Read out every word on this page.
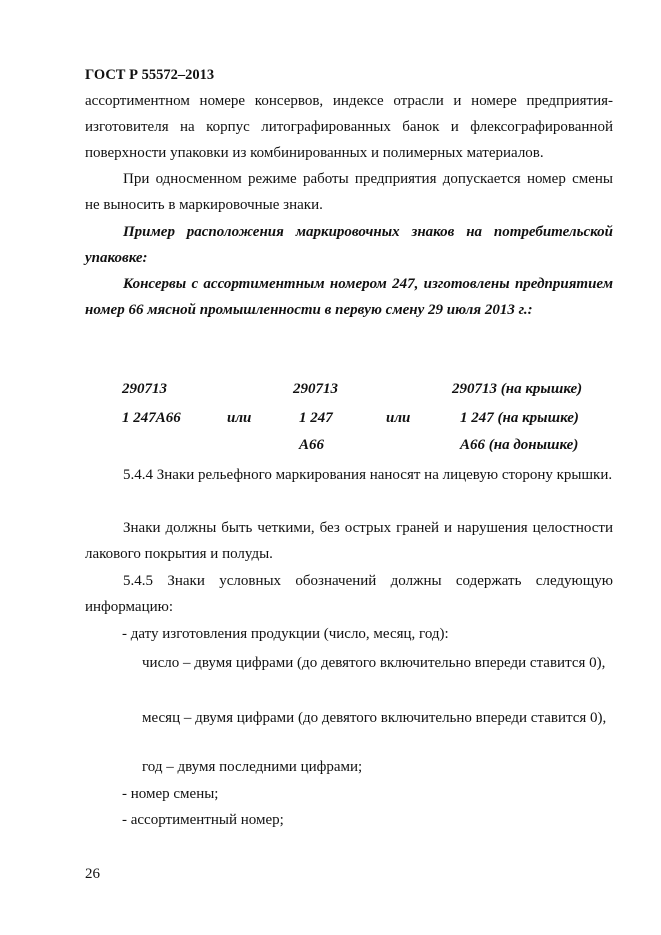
ГОСТ Р 55572–2013
ассортиментном номере консервов, индексе отрасли и номере предприятия-изготовителя на корпус литографированных банок и флексографированной поверхности упаковки из комбинированных и полимерных материалов.
При односменном режиме работы предприятия допускается номер смены не выносить в маркировочные знаки.
Пример расположения маркировочных знаков на потребительской упаковке:
Консервы с ассортиментным номером 247, изготовлены предприятием номер 66 мясной промышленности в первую смену 29 июля 2013 г.:
290713
1 247А66	или
290713
1 247
А66
или
290713 (на крышке)
1 247 (на крышке)
А66 (на донышке)
5.4.4 Знаки рельефного маркирования наносят на лицевую сторону крышки.
Знаки должны быть четкими, без острых граней и нарушения целостности лакового покрытия и полуды.
5.4.5 Знаки условных обозначений должны содержать следующую информацию:
- дату изготовления продукции (число, месяц, год):
число – двумя цифрами (до девятого включительно впереди ставится 0),
месяц – двумя цифрами (до девятого включительно впереди ставится 0),
год – двумя последними цифрами;
- номер смены;
- ассортиментный номер;
26
